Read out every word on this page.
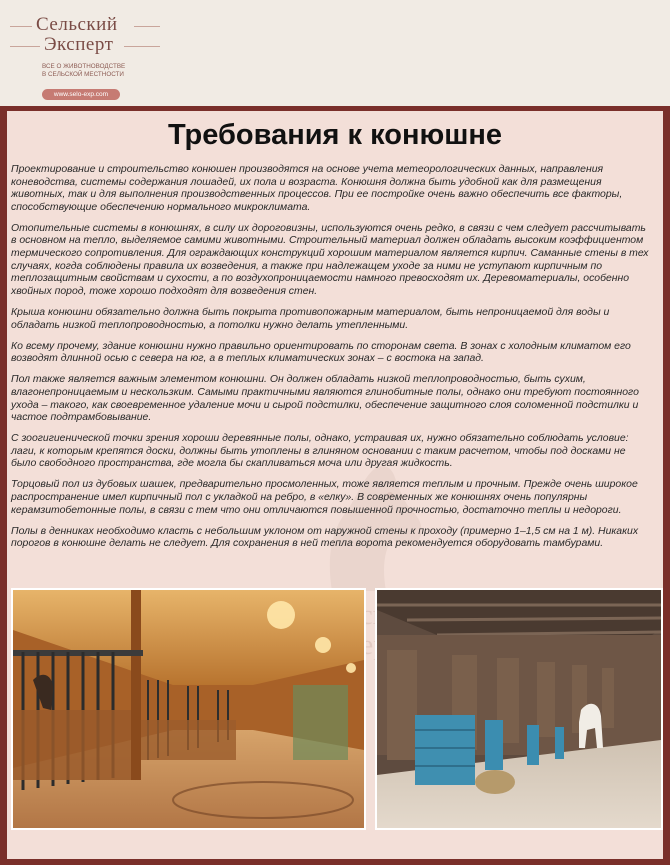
Сельский
Эксперт
ВСЕ О ЖИВОТНОВОДСТВЕ
В СЕЛЬСКОЙ МЕСТНОСТИ
www.selo-exp.com
Требования к конюшне

Проектирование и строительство конюшен производятся на основе учета метеорологических данных, направления коневодства, системы содержания лошадей, их пола и возраста. Конюшня должна быть удобной как для размещения животных, так и для выполнения производственных процессов. При ее постройке очень важно обеспечить все факторы, способствующие обеспечению нормального микроклимата.

Отопительные системы в конюшнях, в силу их дороговизны, используются очень редко, в связи с чем следует рассчитывать в основном на тепло, выделяемое самими животными. Строительный материал должен обладать высоким коэффициентом термического сопротивления. Для ограждающих конструкций хорошим материалом является кирпич. Саманные стены в тех случаях, когда соблюдены правила их возведения, а также при надлежащем уходе за ними не уступают кирпичным по теплозащитным свойствам и сухости, а по воздухопроницаемости намного превосходят их. Деревоматериалы, особенно хвойных пород, тоже хорошо подходят для возведения стен.

Крыша конюшни обязательно должна быть покрыта противопожарным материалом, быть непроницаемой для воды и обладать низкой теплопроводностью, а потолки нужно делать утепленными.

Ко всему прочему, здание конюшни нужно правильно ориентировать по сторонам света. В зонах с холодным климатом его возводят длинной осью с севера на юг, а в теплых климатических зонах – с востока на запад.

Пол также является важным элементом конюшни. Он должен обладать низкой теплопроводностью, быть сухим, влагонепроницаемым и нескользким. Самыми практичными являются глинобитные полы, однако они требуют постоянного ухода – такого, как своевременное удаление мочи и сырой подстилки, обеспечение защитного слоя соломенной подстилки и частое подтрамбовывание.

С зоогигиенической точки зрения хороши деревянные полы, однако, устраивая их, нужно обязательно соблюдать условие: лаги, к которым крепятся доски, должны быть утоплены в глиняном основании с таким расчетом, чтобы под досками не было свободного пространства, где могла бы скапливаться моча или другая жидкость.

Торцовый пол из дубовых шашек, предварительно просмоленных, тоже является теплым и прочным. Прежде очень широкое распространение имел кирпичный пол с укладкой на ребро, в «елку». В современных же конюшнях очень популярны керамзитобетонные полы, в связи с тем что они отличаются повышенной прочностью, достаточно теплы и недороги.

Полы в денниках необходимо класть с небольшим уклоном от наружной стены к проходу (примерно 1–1,5 см на 1 м). Никаких порогов в конюшне делать не следует. Для сохранения в ней тепла ворота рекомендуется оборудовать тамбурами.
